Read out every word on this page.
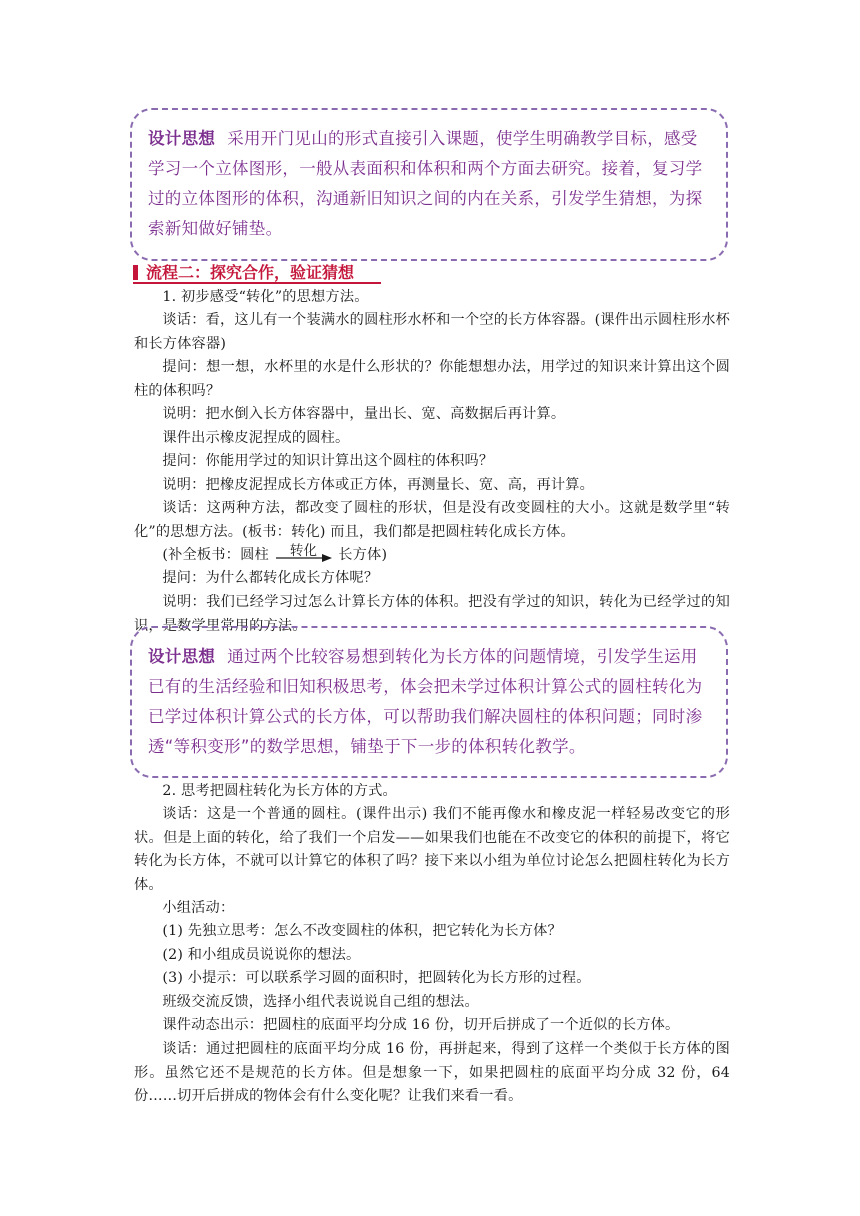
设计思想 采用开门见山的形式直接引入课题，使学生明确教学目标，感受学习一个立体图形，一般从表面积和体积和两个方面去研究。接着，复习学过的立体图形的体积，沟通新旧知识之间的内在关系，引发学生猜想，为探索新知做好铺垫。
流程二：探究合作，验证猜想

1. 初步感受“转化”的思想方法。

谈话：看，这儿有一个装满水的圆柱形水杯和一个空的长方体容器。(课件出示圆柱形水杯和长方体容器)

提问：想一想，水杯里的水是什么形状的？你能想想办法，用学过的知识来计算出这个圆柱的体积吗？

说明：把水倒入长方体容器中，量出长、宽、高数据后再计算。

课件出示橡皮泥捏成的圆柱。

提问：你能用学过的知识计算出这个圆柱的体积吗？

说明：把橡皮泥捏成长方体或正方体，再测量长、宽、高，再计算。

谈话：这两种方法，都改变了圆柱的形状，但是没有改变圆柱的大小。这就是数学里“转化”的思想方法。(板书：转化) 而且，我们都是把圆柱转化成长方体。

(补全板书：圆柱	转化	长方体)

提问：为什么都转化成长方体呢？

说明：我们已经学习过怎么计算长方体的体积。把没有学过的知识，转化为已经学过的知识，是数学里常用的方法。

设计思想 通过两个比较容易想到转化为长方体的问题情境，引发学生运用已有的生活经验和旧知积极思考，体会把未学过体积计算公式的圆柱转化为已学过体积计算公式的长方体，可以帮助我们解决圆柱的体积问题；同时渗透“等积变形”的数学思想，铺垫于下一步的体积转化教学。

2. 思考把圆柱转化为长方体的方式。

谈话：这是一个普通的圆柱。(课件出示) 我们不能再像水和橡皮泥一样轻易改变它的形状。但是上面的转化，给了我们一个启发——如果我们也能在不改变它的体积的前提下，将它转化为长方体，不就可以计算它的体积了吗？接下来以小组为单位讨论怎么把圆柱转化为长方体。

小组活动：

(1) 先独立思考：怎么不改变圆柱的体积，把它转化为长方体？

(2) 和小组成员说说你的想法。

(3) 小提示：可以联系学习圆的面积时，把圆转化为长方形的过程。

班级交流反馈，选择小组代表说说自己组的想法。

课件动态出示：把圆柱的底面平均分成 16 份，切开后拼成了一个近似的长方体。

谈话：通过把圆柱的底面平均分成 16 份，再拼起来，得到了这样一个类似于长方体的图形。虽然它还不是规范的长方体。但是想象一下，如果把圆柱的底面平均分成 32 份，64 份……切开后拼成的物体会有什么变化呢？让我们来看一看。
